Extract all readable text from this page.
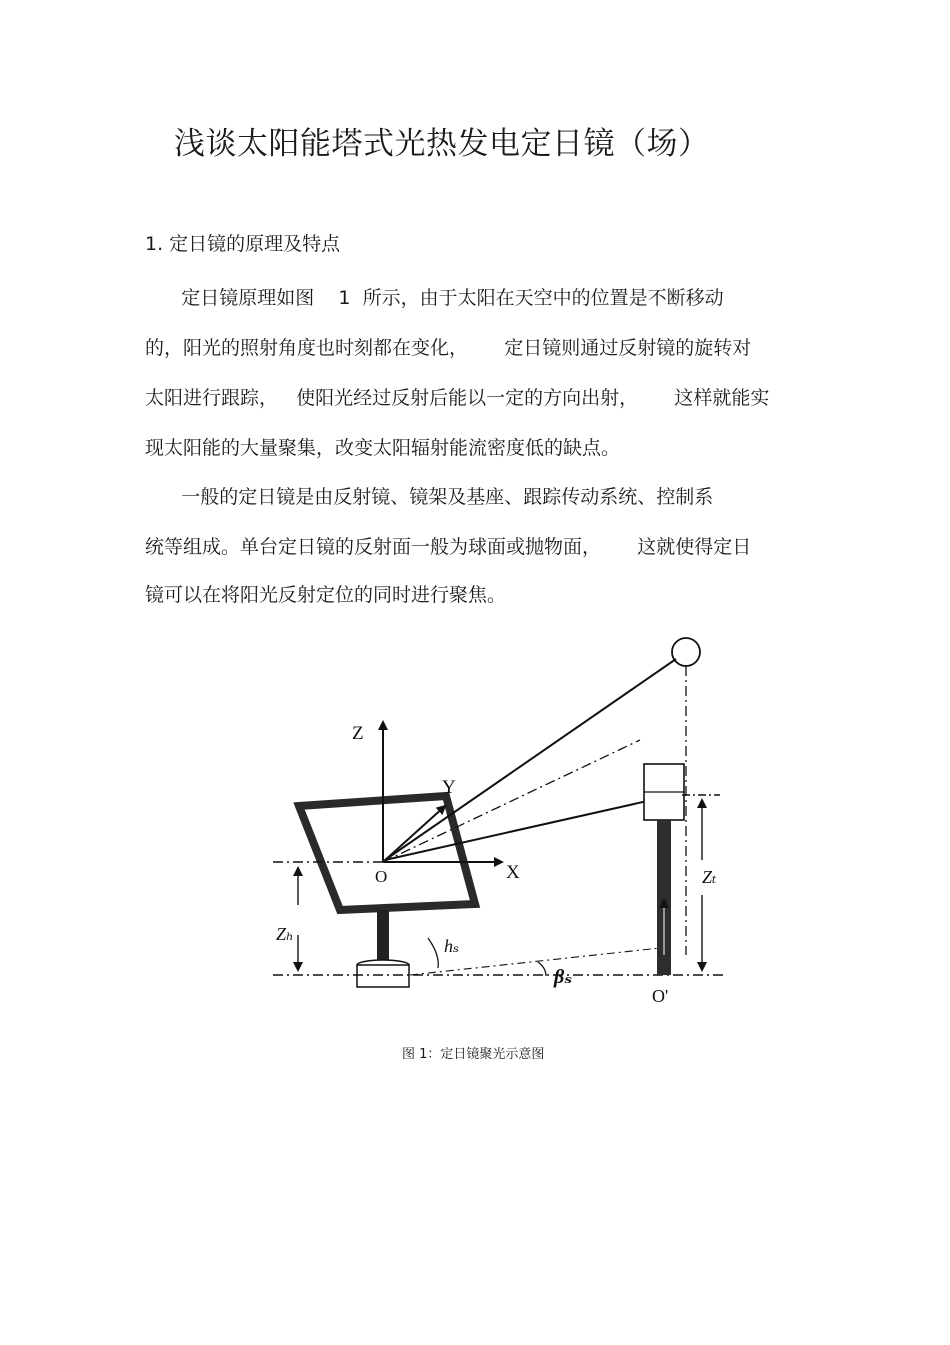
浅谈太阳能塔式光热发电定日镜（场）
1. 定日镜的原理及特点
定日镜原理如图    1  所示，由于太阳在天空中的位置是不断移动
的，阳光的照射角度也时刻都在变化，      定日镜则通过反射镜的旋转对
太阳进行跟踪，   使阳光经过反射后能以一定的方向出射，      这样就能实
现太阳能的大量聚集，改变太阳辐射能流密度低的缺点。
一般的定日镜是由反射镜、镜架及基座、跟踪传动系统、控制系
统等组成。单台定日镜的反射面一般为球面或抛物面，      这就使得定日
镜可以在将阳光反射定位的同时进行聚焦。
Z
Y
X
O
Zₕ
hₛ
βₛ
Zₜ
O'
图 1：定日镜聚光示意图
